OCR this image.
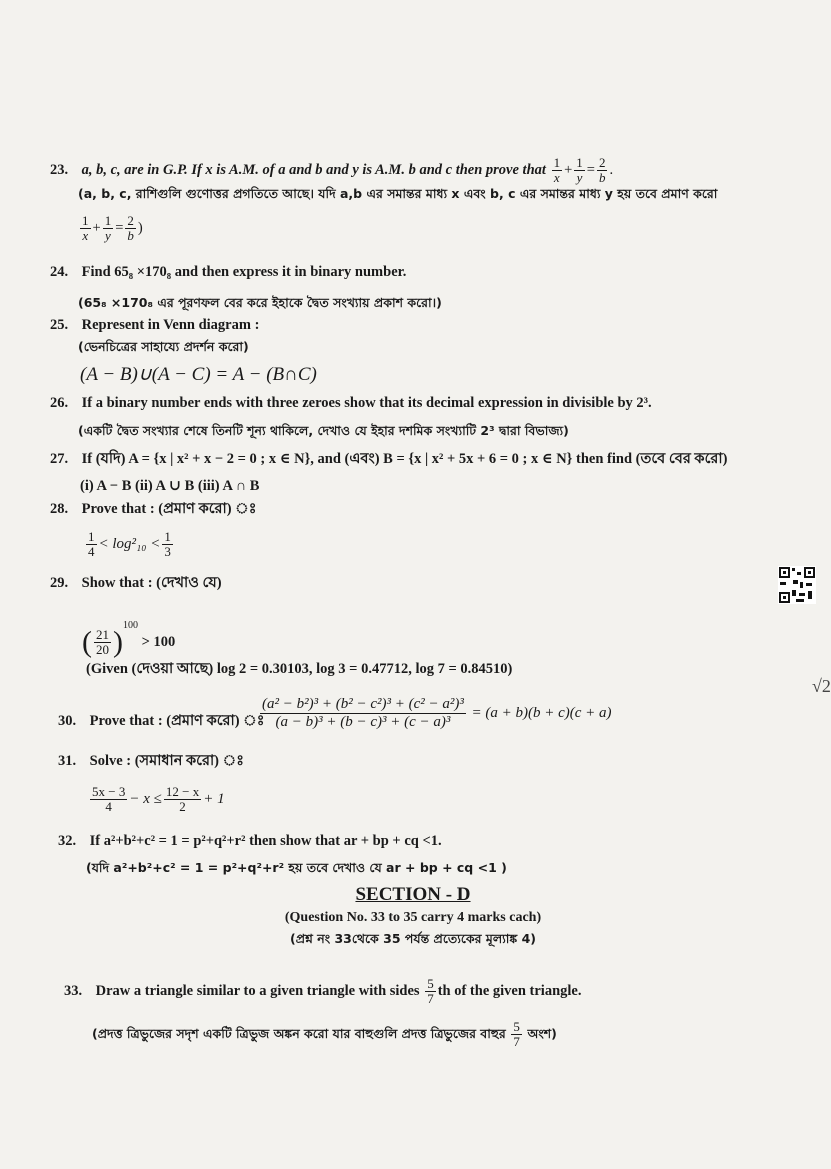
23. a, b, c, are in G.P. If x is A.M. of a and b and y is A.M. b and c then prove that $\frac{1}{x} + \frac{1}{y} = \frac{2}{b}$ .
(a, b, c, রাশিগুলি গুণোত্তর প্রগতিতে আছে। যদি a,b এর সমান্তর মাধ্য x এবং b, c এর সমান্তর মাধ্য y হয় তবে প্রমাণ করো
$\frac{1}{x} + \frac{1}{y} = \frac{2}{b}$ )
24. Find 65₈ ×170₈ and then express it in binary number.
(65₈ ×170₈ এর পূরণফল বের করে ইহাকে দ্বৈত সংখ্যায় প্রকাশ করো।)
25. Represent in Venn diagram :
(ভেনচিত্রের সাহায্যে প্রদর্শন করো)
(A − B)∪(A − C) = A − (B∩C)
26. If a binary number ends with three zeroes show that its decimal expression in divisible by 2³.
(একটি দ্বৈত সংখ্যার শেষে তিনটি শূন্য থাকিলে, দেখাও যে ইহার দশমিক সংখ্যাটি 2³ দ্বারা বিভাজ্য)
27. If (যদি) A = {x | x² + x − 2 = 0 ; x ∈ N}, and (এবং) B = {x | x² + 5x + 6 = 0 ; x ∈ N} then find (তবে বের করো)
(i) A − B (ii) A ∪ B (iii) A ∩ B
28. Prove that : (প্রমাণ করো) ঃ
$\frac{1}{4} < \log^2_{10} < \frac{1}{3}$
29. Show that : (দেখাও যে)
( $\frac{21}{20} )^{100} > 100$
(Given (দেওয়া আছে) log 2 = 0.30103, log 3 = 0.47712, log 7 = 0.84510)
30. Prove that : (প্রমাণ করো) ঃ
$\frac{\text{(a² − b²)³ + (b² − c²)³ + (c² − a²)³}}{\text{(a − b)³ + (b − c)³ + (c − a)³}} = (a + b)(b + c)(c + a)$
31. Solve : (সমাধান করো) ঃ
$\frac{5x - 3}{4} - x \le \frac{12 - x}{2} + 1$
32. If a²+b²+c² = 1 = p²+q²+r² then show that ar + bp + cq <1.
(যদি a²+b²+c² = 1 = p²+q²+r² হয় তবে দেখাও যে ar + bp + cq <1 )
SECTION - D
(Question No. 33 to 35 carry 4 marks cach)
(প্রশ্ন নং 33থেকে 35 পর্যন্ত প্রত্যেকের মূল্যাঙ্ক 4)
33. Draw a triangle similar to a given triangle with sides $\frac{5}{7}$ th of the given triangle.
(প্রদত্ত ত্রিভুজের সদৃশ একটি ত্রিভুজ অঙ্কন করো যার বাহুগুলি প্রদত্ত ত্রিভুজের বাহুর $\frac{5}{7}$ অংশ)
√2
